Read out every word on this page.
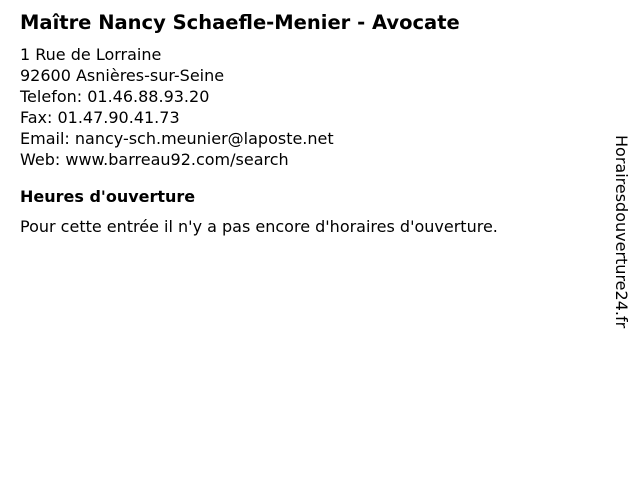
Maître Nancy Schaefle-Menier - Avocate
1 Rue de Lorraine
92600 Asnières-sur-Seine
Telefon: 01.46.88.93.20
Fax: 01.47.90.41.73
Email: nancy-sch.meunier@laposte.net
Web: www.barreau92.com/search
Heures d'ouverture
Pour cette entrée il n'y a pas encore d'horaires d'ouverture.	Horairesdouverture24.fr
